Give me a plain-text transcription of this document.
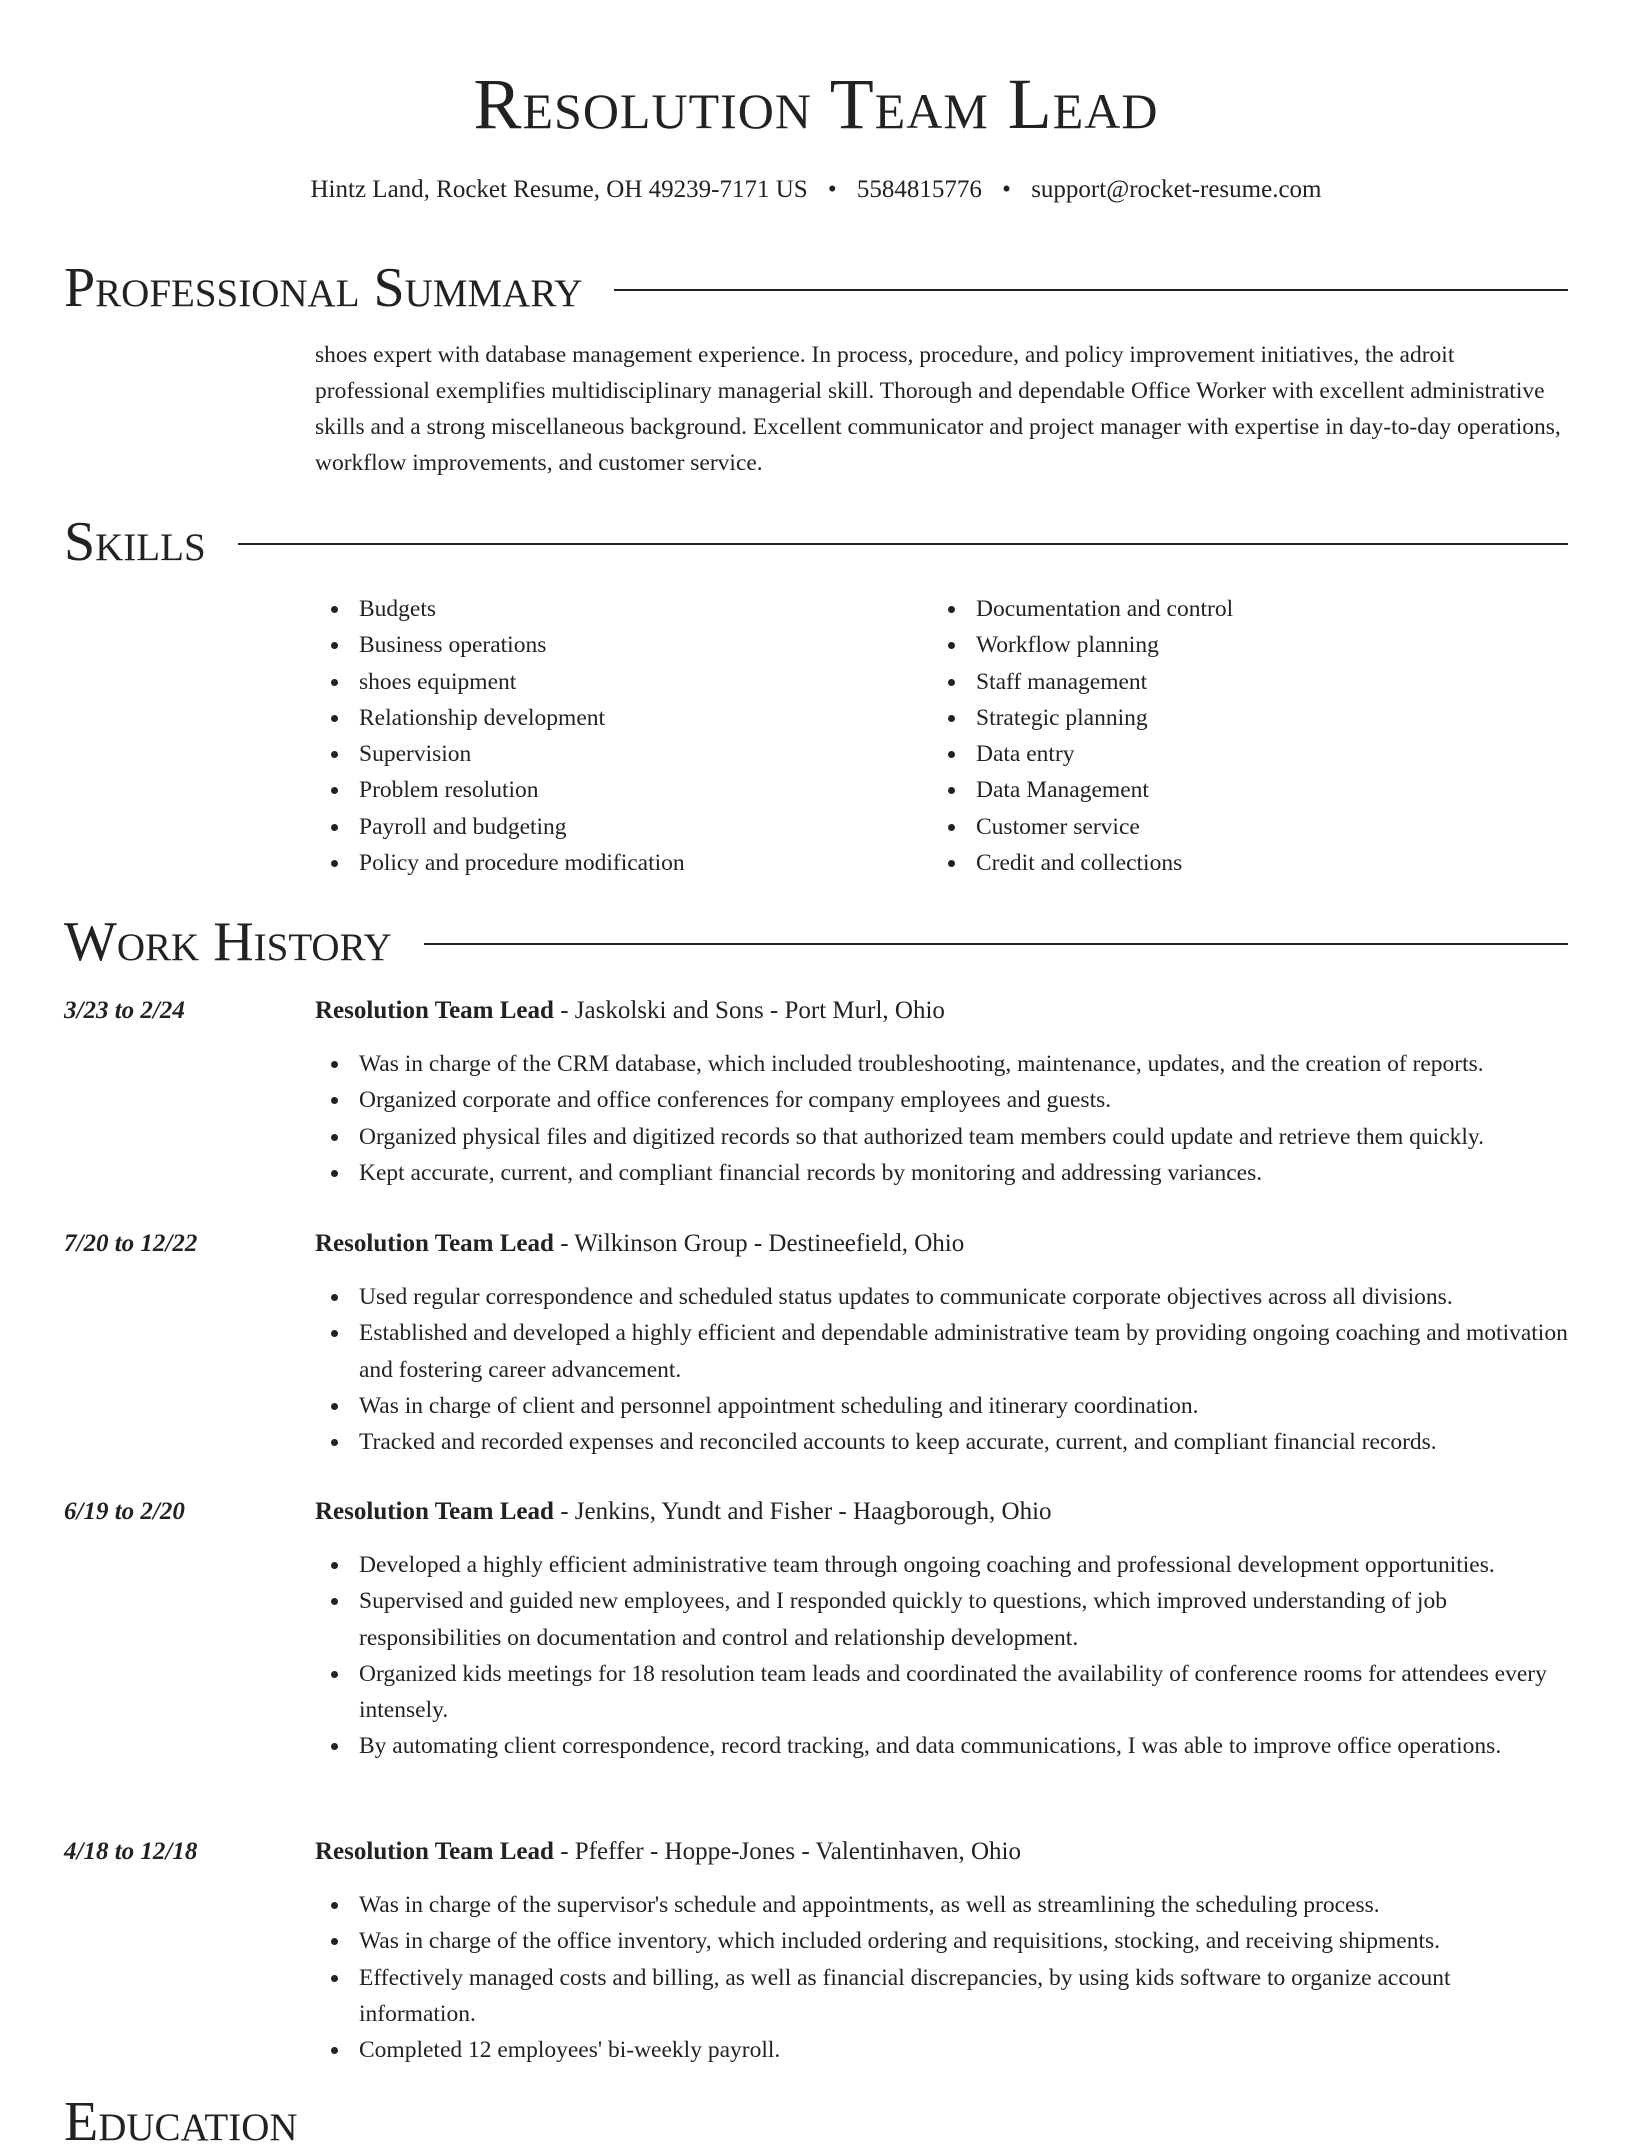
Resolution Team Lead
Hintz Land, Rocket Resume, OH 49239-7171 US • 5584815776 • support@rocket-resume.com
Professional Summary

shoes expert with database management experience. In process, procedure, and policy improvement initiatives, the adroit professional exemplifies multidisciplinary managerial skill. Thorough and dependable Office Worker with excellent administrative skills and a strong miscellaneous background. Excellent communicator and project manager with expertise in day-to-day operations, workflow improvements, and customer service.

Skills
Budgets
Business operations
shoes equipment
Relationship development
Supervision
Problem resolution
Payroll and budgeting
Policy and procedure modification
Documentation and control
Workflow planning
Staff management
Strategic planning
Data entry
Data Management
Customer service
Credit and collections
Work History
3/23 to 2/24	Resolution Team Lead - Jaskolski and Sons - Port Murl, Ohio
Was in charge of the CRM database, which included troubleshooting, maintenance, updates, and the creation of reports.
Organized corporate and office conferences for company employees and guests.
Organized physical files and digitized records so that authorized team members could update and retrieve them quickly.
Kept accurate, current, and compliant financial records by monitoring and addressing variances.
7/20 to 12/22	Resolution Team Lead - Wilkinson Group - Destineefield, Ohio
Used regular correspondence and scheduled status updates to communicate corporate objectives across all divisions.
Established and developed a highly efficient and dependable administrative team by providing ongoing coaching and motivation and fostering career advancement.
Was in charge of client and personnel appointment scheduling and itinerary coordination.
Tracked and recorded expenses and reconciled accounts to keep accurate, current, and compliant financial records.
6/19 to 2/20	Resolution Team Lead - Jenkins, Yundt and Fisher - Haagborough, Ohio
Developed a highly efficient administrative team through ongoing coaching and professional development opportunities.
Supervised and guided new employees, and I responded quickly to questions, which improved understanding of job responsibilities on documentation and control and relationship development.
Organized kids meetings for 18 resolution team leads and coordinated the availability of conference rooms for attendees every intensely.
By automating client correspondence, record tracking, and data communications, I was able to improve office operations.
4/18 to 12/18	Resolution Team Lead - Pfeffer - Hoppe-Jones - Valentinhaven, Ohio
Was in charge of the supervisor's schedule and appointments, as well as streamlining the scheduling process.
Was in charge of the office inventory, which included ordering and requisitions, stocking, and receiving shipments.
Effectively managed costs and billing, as well as financial discrepancies, by using kids software to organize account information.
Completed 12 employees' bi-weekly payroll.
Education
